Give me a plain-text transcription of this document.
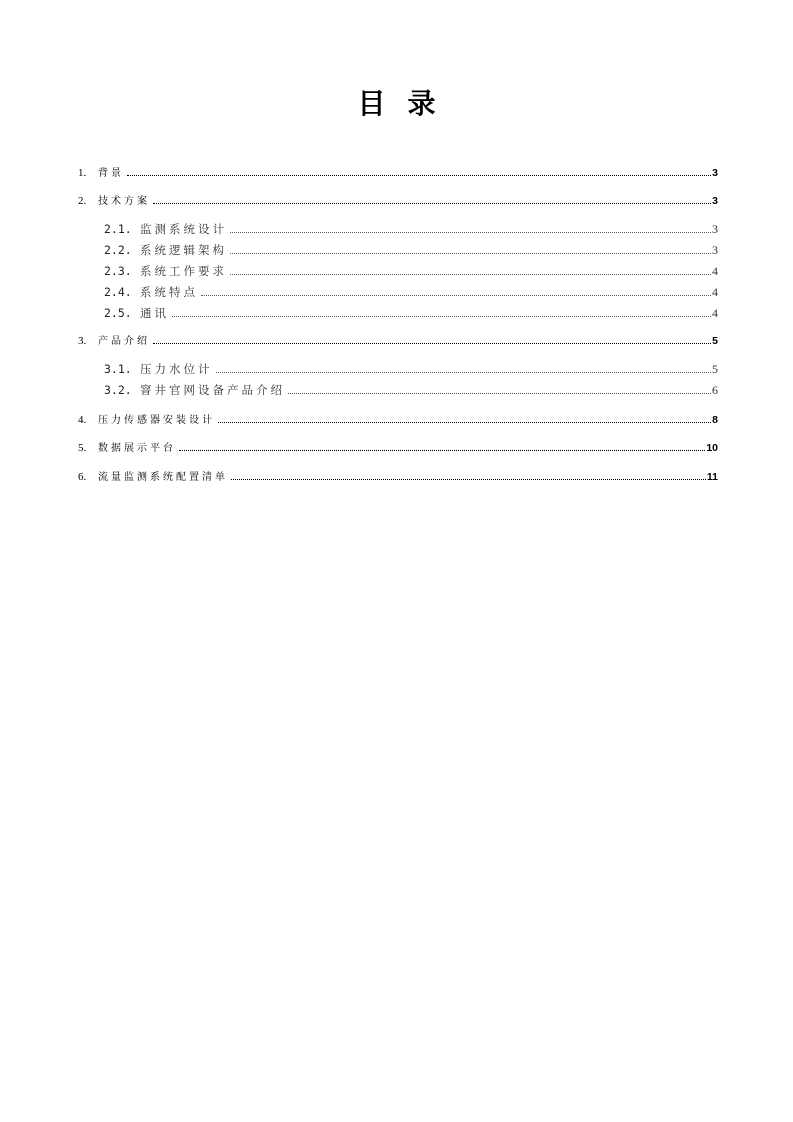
目录
1.	背景	3
2.	技术方案	3
2.1. 监测系统设计	3
2.2. 系统逻辑架构	3
2.3. 系统工作要求	4
2.4. 系统特点	4
2.5. 通讯	4
3.	产品介绍	5
3.1. 压力水位计	5
3.2. 窨井官网设备产品介绍	6
4.	压力传感器安装设计	8
5.	数据展示平台	10
6.	流量监测系统配置清单	11
